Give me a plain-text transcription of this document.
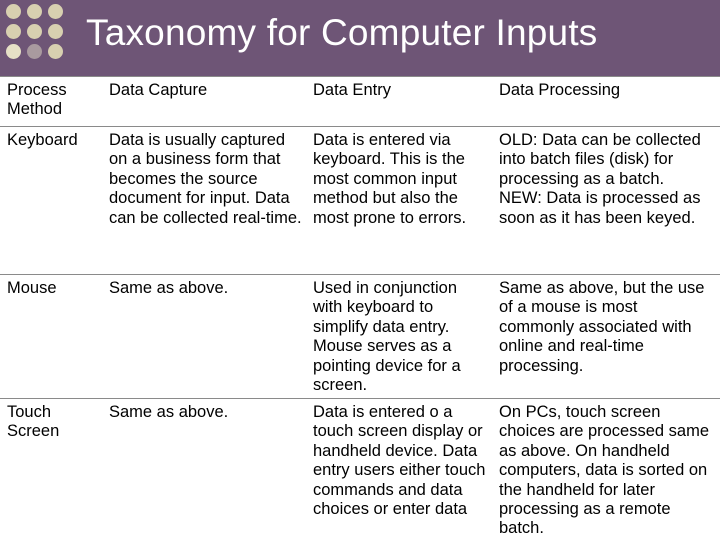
Taxonomy for Computer Inputs
Process Method	Data Capture	Data Entry	Data Processing
Keyboard	Data is usually captured on a business form that becomes the source document for input. Data can be collected real-time.	Data is entered via keyboard. This is the most common input method but also the most prone to errors.	OLD: Data can be collected into batch files (disk) for processing as a batch.
NEW: Data is processed as soon as it has been keyed.

Mouse	Same as above.	Used in conjunction with keyboard to simplify data entry. Mouse serves as a pointing device for a screen.	Same as above, but the use of a mouse is most commonly associated with online and real-time processing.
Touch Screen	Same as above.	Data is entered o a touch screen display or handheld device. Data entry users either touch commands and data choices or enter data	On PCs, touch screen choices are processed same as above. On handheld computers, data is sorted on the handheld for later processing as a remote batch.
